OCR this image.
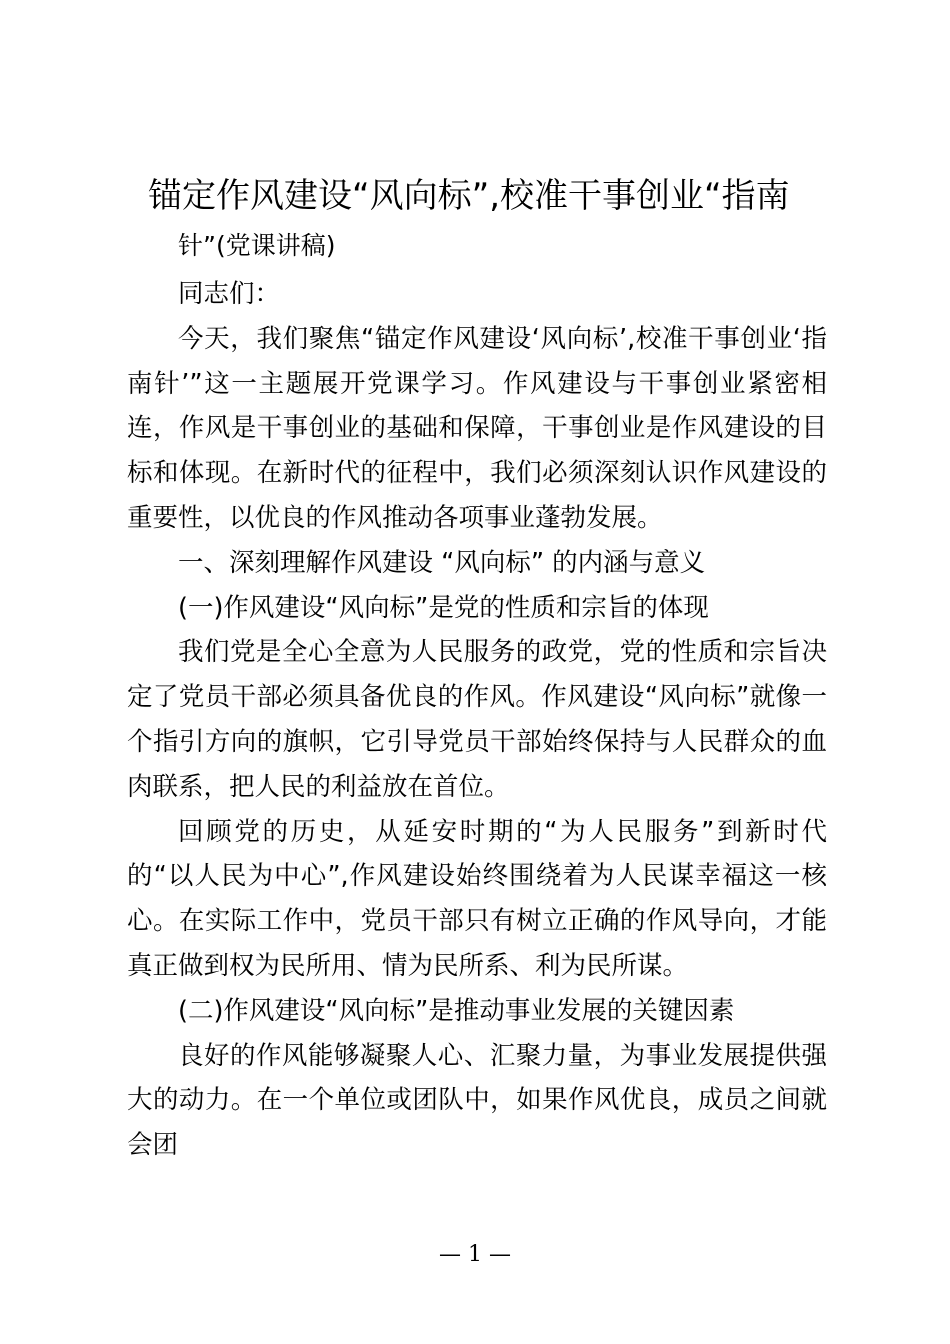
锚定作风建设“风向标”,校准干事创业“指南
针”(党课讲稿)

同志们：

今天，我们聚焦“锚定作风建设‘风向标’,校准干事创业‘指南针’”这一主题展开党课学习。作风建设与干事创业紧密相连，作风是干事创业的基础和保障，干事创业是作风建设的目标和体现。在新时代的征程中，我们必须深刻认识作风建设的重要性，以优良的作风推动各项事业蓬勃发展。

一、深刻理解作风建设 “风向标” 的内涵与意义

(一)作风建设“风向标”是党的性质和宗旨的体现

我们党是全心全意为人民服务的政党，党的性质和宗旨决定了党员干部必须具备优良的作风。作风建设“风向标”就像一个指引方向的旗帜，它引导党员干部始终保持与人民群众的血肉联系，把人民的利益放在首位。

回顾党的历史，从延安时期的“为人民服务”到新时代的“以人民为中心”,作风建设始终围绕着为人民谋幸福这一核心。在实际工作中，党员干部只有树立正确的作风导向，才能真正做到权为民所用、情为民所系、利为民所谋。

(二)作风建设“风向标”是推动事业发展的关键因素

良好的作风能够凝聚人心、汇聚力量，为事业发展提供强大的动力。在一个单位或团队中，如果作风优良，成员之间就会团

— 1 —
